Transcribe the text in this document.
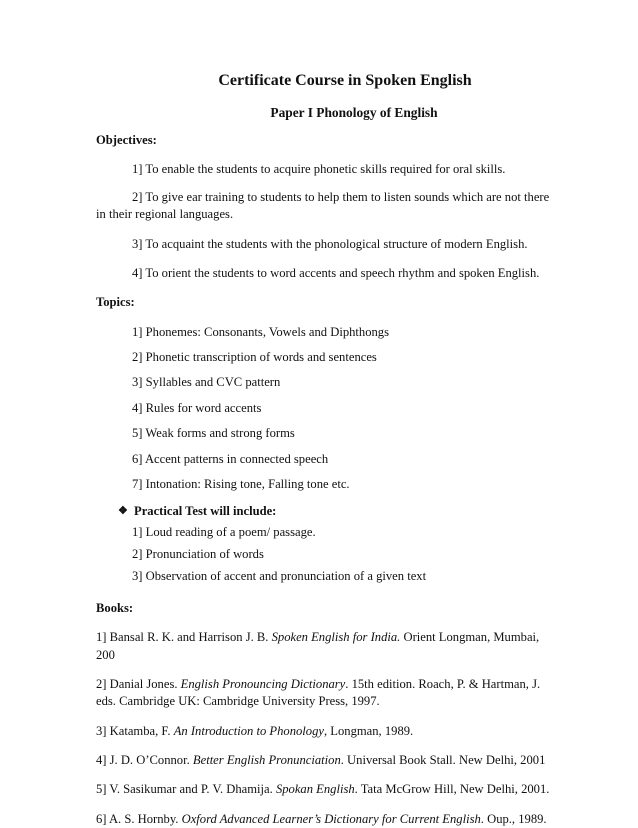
Certificate Course in Spoken English
Paper I Phonology of English

Objectives:

1] To enable the students to acquire phonetic skills required for oral skills.

2] To give ear training to students to help them to listen sounds which are not there in their regional languages.

3] To acquaint the students with the phonological structure of modern English.

4] To orient the students to word accents and speech rhythm and spoken English.

Topics:

1] Phonemes: Consonants, Vowels and Diphthongs

2] Phonetic transcription of words and sentences

3] Syllables and CVC pattern

4] Rules for word accents

5] Weak forms and strong forms

6] Accent patterns in connected speech

7] Intonation: Rising tone, Falling tone etc.

❖ Practical Test will include:
1] Loud reading of a poem/ passage.
2] Pronunciation of words
3] Observation of accent and pronunciation of a given text

Books:

1] Bansal R. K. and Harrison J. B. Spoken English for India. Orient Longman, Mumbai, 200

2] Danial Jones. English Pronouncing Dictionary. 15th edition. Roach, P. & Hartman, J. eds. Cambridge UK: Cambridge University Press, 1997.

3] Katamba, F. An Introduction to Phonology, Longman, 1989.

4] J. D. O’Connor. Better English Pronunciation. Universal Book Stall. New Delhi, 2001

5] V. Sasikumar and P. V. Dhamija. Spokan English. Tata McGrow Hill, New Delhi, 2001.

6] A. S. Hornby. Oxford Advanced Learner’s Dictionary for Current English. Oup., 1989.
